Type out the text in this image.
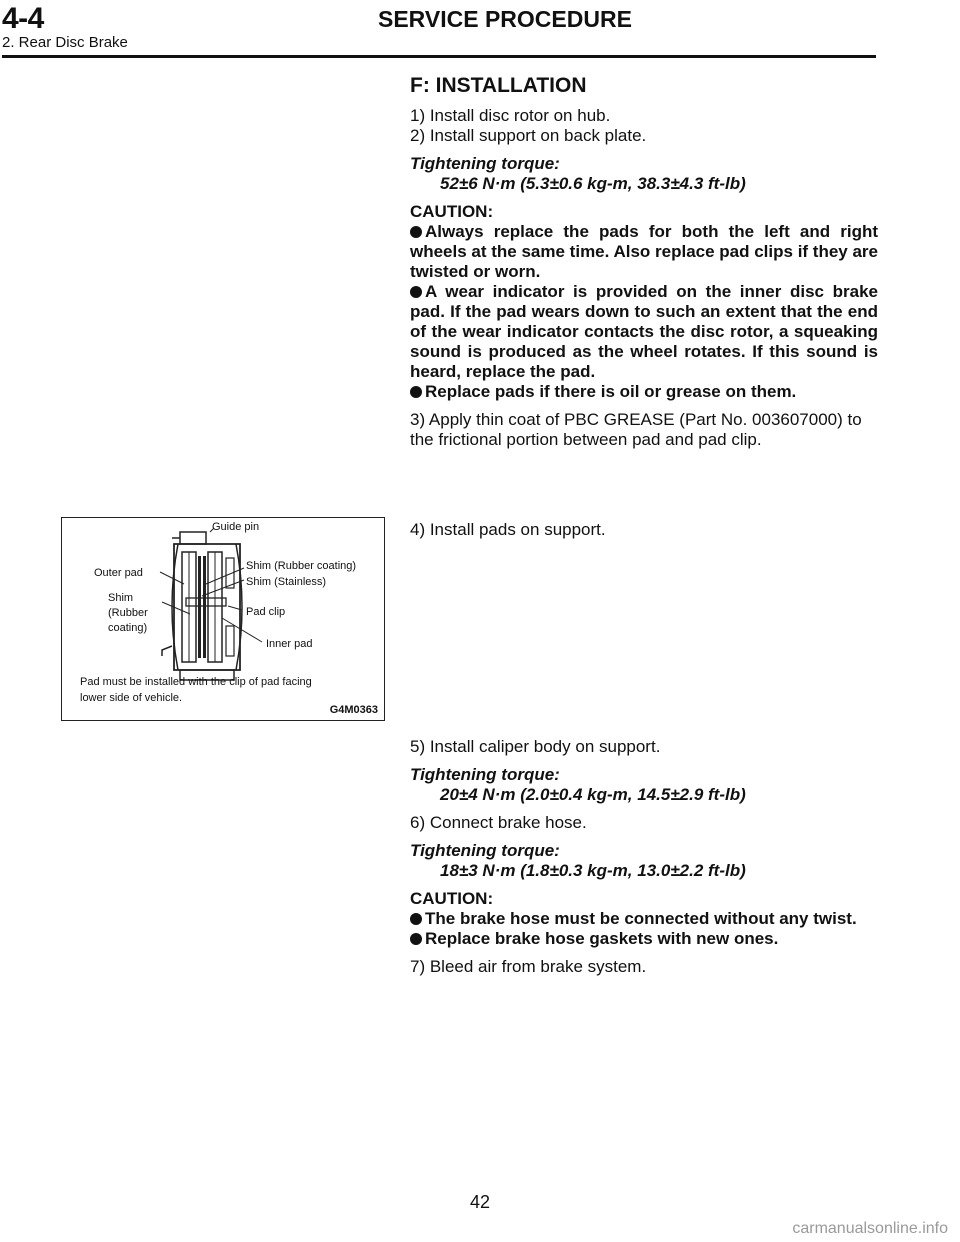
4-4	SERVICE PROCEDURE
2. Rear Disc Brake

F: INSTALLATION

1) Install disc rotor on hub.

2) Install support on back plate.

Tightening torque:

52±6 N·m (5.3±0.6 kg-m, 38.3±4.3 ft-lb)

CAUTION:

Always replace the pads for both the left and right wheels at the same time. Also replace pad clips if they are twisted or worn.

A wear indicator is provided on the inner disc brake pad. If the pad wears down to such an extent that the end of the wear indicator contacts the disc rotor, a squeaking sound is produced as the wheel rotates. If this sound is heard, replace the pad.

Replace pads if there is oil or grease on them.

3) Apply thin coat of PBC GREASE (Part No. 003607000) to the frictional portion between pad and pad clip.

Guide pin
Shim (Rubber coating)
Shim (Stainless)
Outer pad
Shim
(Rubber
coating)
Pad clip
Inner pad
Pad must be installed with the clip of pad facing
lower side of vehicle.
G4M0363

4) Install pads on support.

5) Install caliper body on support.

Tightening torque:

20±4 N·m (2.0±0.4 kg-m, 14.5±2.9 ft-lb)

6) Connect brake hose.

Tightening torque:

18±3 N·m (1.8±0.3 kg-m, 13.0±2.2 ft-lb)

CAUTION:

The brake hose must be connected without any twist.

Replace brake hose gaskets with new ones.

7) Bleed air from brake system.

42
carmanualsonline.info
